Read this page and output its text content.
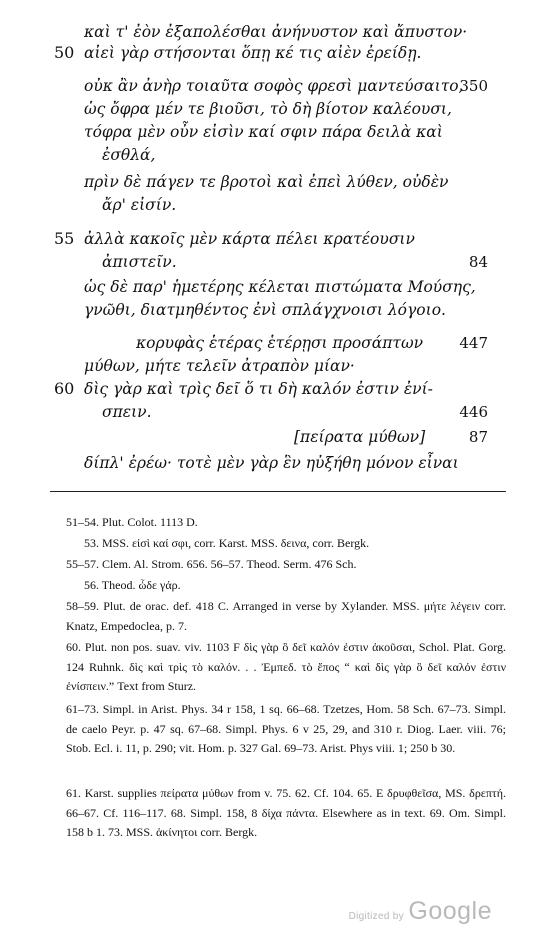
καὶ τ' ἐὸν ἐξαπολέσθαι ἀνήνυστον καὶ ἄπυστον·
50 αἰεὶ γὰρ στήσονται ὅπῃ κέ τις αἰὲν ἐρείδῃ.
οὐκ ἂν ἀνὴρ τοιαῦτα σοφὸς φρεσὶ μαντεύσαιτο,
350
ὡς ὄφρα μέν τε βιοῦσι, τὸ δὴ βίοτον καλέουσι,
τόφρα μὲν οὖν εἰσὶν καί σφιν πάρα δειλὰ καὶ
ἐσθλά,
πρὶν δὲ πάγεν τε βροτοὶ καὶ ἐπεὶ λύθεν, οὐδὲν
ἄρ' εἰσίν.
55 ἀλλὰ κακοῖς μὲν κάρτα πέλει κρατέουσιν
ἀπιστεῖν.	84
ὡς δὲ παρ' ἡμετέρης κέλεται πιστώματα Μούσης,
γνῶθι, διατμηθέντος ἐνὶ σπλάγχνοισι λόγοιο.
κορυφὰς ἑτέρας ἑτέρῃσι προσάπτων 447
μύθων, μήτε τελεῖν ἀτραπὸν μίαν·
60 δὶς γὰρ καὶ τρὶς δεῖ ὅ τι δὴ καλόν ἐστιν ἐνί-
σπειν.	446
[πείρατα μύθων]	87
δίπλ' ἐρέω· τοτὲ μὲν γὰρ ἓν ηὐξήθη μόνον εἶναι
51–54. Plut. Colot. 1113 D.
53. MSS. εἰσὶ καί σφι, corr. Karst. MSS. δεινα, corr. Bergk.
55–57. Clem. Al. Strom. 656. 56–57. Theod. Serm. 476 Sch.
56. Theod. ὧδε γάρ.
58–59. Plut. de orac. def. 418 C. Arranged in verse by Xylander. MSS. μήτε λέγειν corr. Knatz, Empedoclea, p. 7.
60. Plut. non pos. suav. viv. 1103 F δὶς γὰρ ὃ δεῖ καλόν ἐστιν ἀκοῦσαι, Schol. Plat. Gorg. 124 Ruhnk. δὶς καὶ τρὶς τὸ καλόν. . . Ἐμπεδ. τὸ ἔπος “ καὶ δὶς γὰρ ὃ δεῖ καλόν ἐστιν ἐνίσπειν.” Text from Sturz.
61–73. Simpl. in Arist. Phys. 34 r 158, 1 sq. 66–68. Tzetzes, Hom. 58 Sch. 67–73. Simpl. de caelo Peyr. p. 47 sq. 67–68. Simpl. Phys. 6 v 25, 29, and 310 r. Diog. Laer. viii. 76; Stob. Ecl. i. 11, p. 290; vit. Hom. p. 327 Gal. 69–73. Arist. Phys viii. 1; 250 b 30.
61. Karst. supplies πείρατα μύθων from v. 75. 62. Cf. 104. 65. E δρυφθεῖσα, MS. δρεπτή. 66–67. Cf. 116–117. 68. Simpl. 158, 8 δίχα πάντα. Elsewhere as in text. 69. Om. Simpl. 158 b 1. 73. MSS. ἀκίνητοι corr. Bergk.
Digitized by Google
